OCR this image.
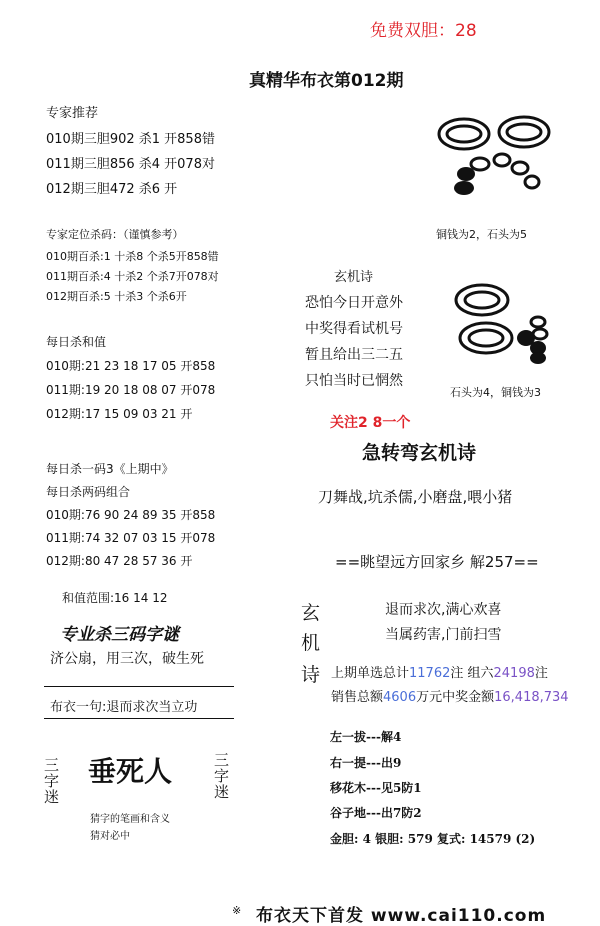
免费双胆：28
真精华布衣第012期
专家推荐
010期三胆902 杀1 开858错
011期三胆856 杀4 开078对
012期三胆472 杀6 开
专家定位杀码：（谨慎参考）
010期百杀:1 十杀8 个杀5开858错
011期百杀:4 十杀2 个杀7开078对
012期百杀:5 十杀3 个杀6开
每日杀和值
010期:21 23 18 17 05 开858
011期:19 20 18 08 07 开078
012期:17 15 09 03 21 开
每日杀一码3《上期中》
每日杀两码组合
010期:76 90 24 89 35 开858
011期:74 32 07 03 15 开078
012期:80 47 28 57 36 开
和值范围:16 14 12
专业杀三码字谜
济公扇，用三次，破生死
布衣一句:退而求次当立功
三字迷
垂死人	三字迷
猜字的笔画和含义
猜对必中
铜钱为2，石头为5
玄机诗
恐怕今日开意外
中奖得看试机号
暂且给出三二五
只怕当时已惘然
石头为4，铜钱为3
关注2 8一个
急转弯玄机诗
刀舞战,坑杀儒,小磨盘,喂小猪
==眺望远方回家乡 解257==
玄
机
诗
退而求次,满心欢喜
当属药害,门前扫雪
上期单选总计11762注 组六24198注
销售总额4606万元中奖金额16,418,734
左一拔---解4
右一提---出9
移花木---见5防1
谷子地---出7防2
金胆: 4 银胆: 579 复式: 14579 (2)
※ 布衣天下首发 www.cai110.com
